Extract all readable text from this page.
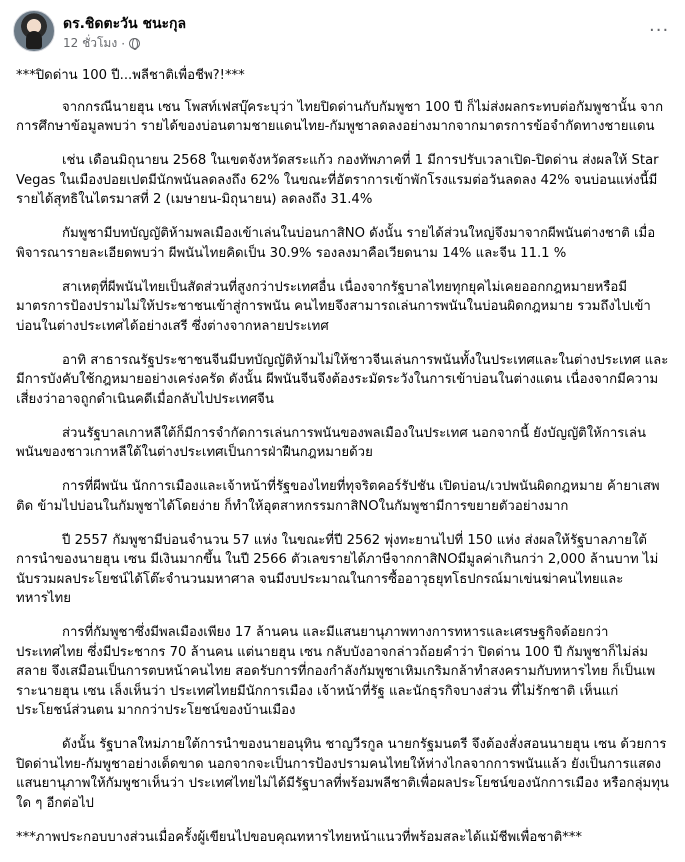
ดร.ชิดตะวัน ชนะกุล
12 ชั่วโมง ·
···

***ปิดด่าน 100 ปี...พลีชาติเพื่อชีพ?!***

จากกรณีนายฮุน เซน โพสท์เฟสบุ๊คระบุว่า ไทยปิดด่านกับกัมพูชา 100 ปี ก็ไม่ส่งผลกระทบต่อกัมพูชานั้น จากการศึกษาข้อมูลพบว่า รายได้ของบ่อนตามชายแดนไทย-กัมพูชาลดลงอย่างมากจากมาตรการข้อจำกัดทางชายแดน

เช่น เดือนมิถุนายน 2568 ในเขตจังหวัดสระแก้ว กองทัพภาคที่ 1 มีการปรับเวลาเปิด-ปิดด่าน ส่งผลให้ Star Vegas ในเมืองปอยเปตมีนักพนันลดลงถึง 62% ในขณะที่อัตราการเข้าพักโรงแรมต่อวันลดลง 42% จนบ่อนแห่งนี้มีรายได้สุทธิในไตรมาสที่ 2 (เมษายน-มิถุนายน) ลดลงถึง 31.4%

กัมพูชามีบทบัญญัติห้ามพลเมืองเข้าเล่นในบ่อนกาสิNO ดังนั้น รายได้ส่วนใหญ่จึงมาจากผีพนันต่างชาติ เมื่อพิจารณารายละเอียดพบว่า ผีพนันไทยคิดเป็น 30.9% รองลงมาคือเวียดนาม 14% และจีน 11.1 %

สาเหตุที่ผีพนันไทยเป็นสัดส่วนที่สูงกว่าประเทศอื่น เนื่องจากรัฐบาลไทยทุกยุคไม่เคยออกกฎหมายหรือมีมาตรการป้องปรามไม่ให้ประชาชนเข้าสู่การพนัน คนไทยจึงสามารถเล่นการพนันในบ่อนผิดกฎหมาย รวมถึงไปเข้าบ่อนในต่างประเทศได้อย่างเสรี ซึ่งต่างจากหลายประเทศ

อาทิ สาธารณรัฐประชาชนจีนมีบทบัญญัติห้ามไม่ให้ชาวจีนเล่นการพนันทั้งในประเทศและในต่างประเทศ และมีการบังคับใช้กฎหมายอย่างเคร่งครัด ดังนั้น ผีพนันจีนจึงต้องระมัดระวังในการเข้าบ่อนในต่างแดน เนื่องจากมีความเสี่ยงว่าอาจถูกดำเนินคดีเมื่อกลับไปประเทศจีน

ส่วนรัฐบาลเกาหลีใต้ก็มีการจำกัดการเล่นการพนันของพลเมืองในประเทศ นอกจากนี้ ยังบัญญัติให้การเล่นพนันของชาวเกาหลีใต้ในต่างประเทศเป็นการฝ่าฝืนกฎหมายด้วย

การที่ผีพนัน นักการเมืองและเจ้าหน้าที่รัฐของไทยที่ทุจริตคอร์รัปชัน เปิดบ่อน/เวปพนันผิดกฎหมาย ค้ายาเสพติด ข้ามไปบ่อนในกัมพูชาได้โดยง่าย ก็ทำให้อุตสาหกรรมกาสิNOในกัมพูชามีการขยายตัวอย่างมาก

ปี 2557 กัมพูชามีบ่อนจำนวน 57 แห่ง ในขณะที่ปี 2562 พุ่งทะยานไปที่ 150 แห่ง ส่งผลให้รัฐบาลภายใต้การนำของนายฮุน เซน มีเงินมากขึ้น ในปี 2566 ตัวเลขรายได้ภาษีจากกาสิNOมีมูลค่าเกินกว่า 2,000 ล้านบาท ไม่นับรวมผลประโยชน์ได้โต๊ะจำนวนมหาศาล จนมีงบประมาณในการซื้ออาวุธยุทโธปกรณ์มาเข่นฆ่าคนไทยและทหารไทย

การที่กัมพูชาซึ่งมีพลเมืองเพียง 17 ล้านคน และมีแสนยานุภาพทางการทหารและเศรษฐกิจด้อยกว่าประเทศไทย ซึ่งมีประชากร 70 ล้านคน แต่นายฮุน เซน กลับบังอาจกล่าวถ้อยคำว่า ปิดด่าน 100 ปี กัมพูชาก็ไม่ล่มสลาย จึงเสมือนเป็นการตบหน้าคนไทย สอดรับการที่กองกำลังกัมพูชาเหิมเกริมกล้าทำสงครามกับทหารไทย ก็เป็นเพราะนายฮุน เซน เล็งเห็นว่า ประเทศไทยมีนักการเมือง เจ้าหน้าที่รัฐ และนักธุรกิจบางส่วน ที่ไม่รักชาติ เห็นแก่ประโยชน์ส่วนตน มากกว่าประโยชน์ของบ้านเมือง

ดังนั้น รัฐบาลใหม่ภายใต้การนำของนายอนุทิน ชาญวีรกูล นายกรัฐมนตรี จึงต้องสั่งสอนนายฮุน เซน ด้วยการปิดด่านไทย-กัมพูชาอย่างเด็ดขาด นอกจากจะเป็นการป้องปรามคนไทยให้ห่างไกลจากการพนันแล้ว ยังเป็นการแสดงแสนยานุภาพให้กัมพูชาเห็นว่า ประเทศไทยไม่ได้มีรัฐบาลที่พร้อมพลีชาติเพื่อผลประโยชน์ของนักการเมือง หรือกลุ่มทุนใด ๆ อีกต่อไป

***ภาพประกอบบางส่วนเมื่อครั้งผู้เขียนไปขอบคุณทหารไทยหน้าแนวที่พร้อมสละได้แม้ชีพเพื่อชาติ***
